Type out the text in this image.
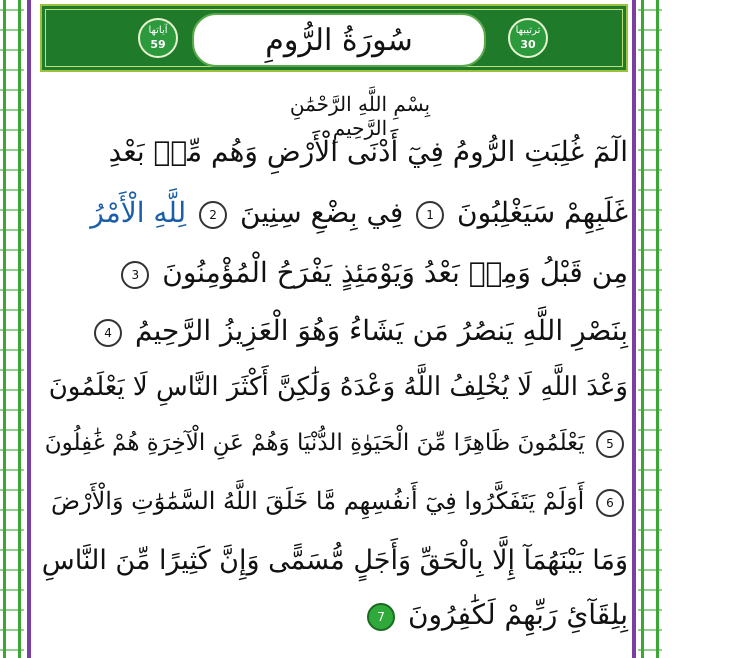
آياتها
59	سُورَةُ الرُّومِ	ترتيبها
30
بِسْمِ اللَّهِ الرَّحْمَٰنِ الرَّحِيمِ
الٓمٓ غُلِبَتِ الرُّومُ فِيٓ أَدْنَى الْأَرْضِ وَهُم مِّنۢ بَعْدِ
غَلَبِهِمْ سَيَغْلِبُونَ 1 فِي بِضْعِ سِنِينَ 2 لِلَّهِ الْأَمْرُ
مِن قَبْلُ وَمِنۢ بَعْدُ وَيَوْمَئِذٍ يَفْرَحُ الْمُؤْمِنُونَ 3
بِنَصْرِ اللَّهِ يَنصُرُ مَن يَشَاءُ وَهُوَ الْعَزِيزُ الرَّحِيمُ 4
وَعْدَ اللَّهِ لَا يُخْلِفُ اللَّهُ وَعْدَهُ وَلَٰكِنَّ أَكْثَرَ النَّاسِ لَا يَعْلَمُونَ
5 يَعْلَمُونَ ظَاهِرًا مِّنَ الْحَيَوٰةِ الدُّنْيَا وَهُمْ عَنِ الْآخِرَةِ هُمْ غَٰفِلُونَ
6 أَوَلَمْ يَتَفَكَّرُوا فِيٓ أَنفُسِهِم مَّا خَلَقَ اللَّهُ السَّمَٰوَٰتِ وَالْأَرْضَ
وَمَا بَيْنَهُمَآ إِلَّا بِالْحَقِّ وَأَجَلٍ مُّسَمًّى وَإِنَّ كَثِيرًا مِّنَ النَّاسِ
بِلِقَآئِ رَبِّهِمْ لَكَٰفِرُونَ 7
